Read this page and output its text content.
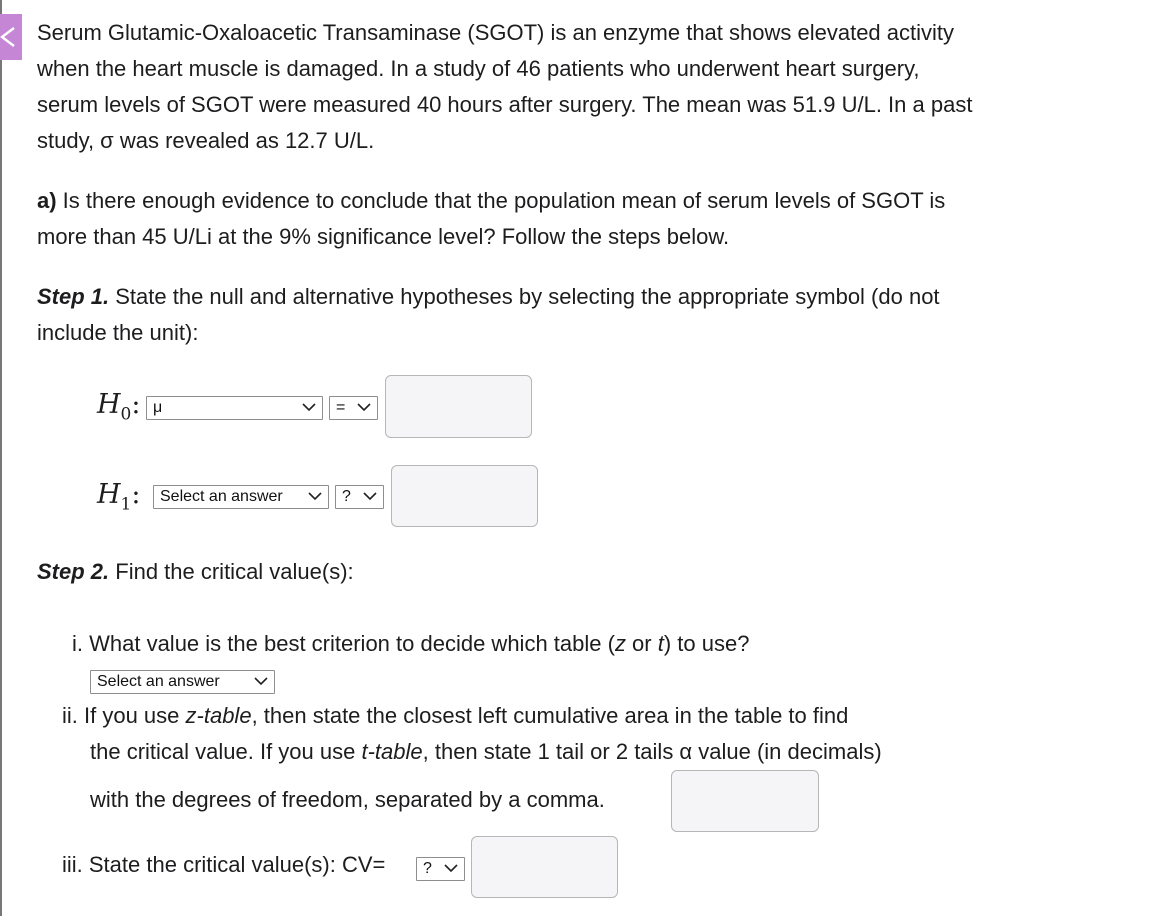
Serum Glutamic-Oxaloacetic Transaminase (SGOT) is an enzyme that shows elevated activity when the heart muscle is damaged. In a study of 46 patients who underwent heart surgery, serum levels of SGOT were measured 40 hours after surgery. The mean was 51.9 U/L. In a past study, σ was revealed as 12.7 U/L.

a) Is there enough evidence to conclude that the population mean of serum levels of SGOT is more than 45 U/Li at the 9% significance level? Follow the steps below.

Step 1. State the null and alternative hypotheses by selecting the appropriate symbol (do not include the unit):

$H_0$: μ	=
$H_1$:	Select an answer	?

Step 2. Find the critical value(s):

i. What value is the best criterion to decide which table (z or t) to use?

Select an answer

ii. If you use z-table, then state the closest left cumulative area in the table to find

the critical value. If you use t-table, then state 1 tail or 2 tails α value (in decimals)

with the degrees of freedom, separated by a comma.

iii. State the critical value(s): CV=	?
